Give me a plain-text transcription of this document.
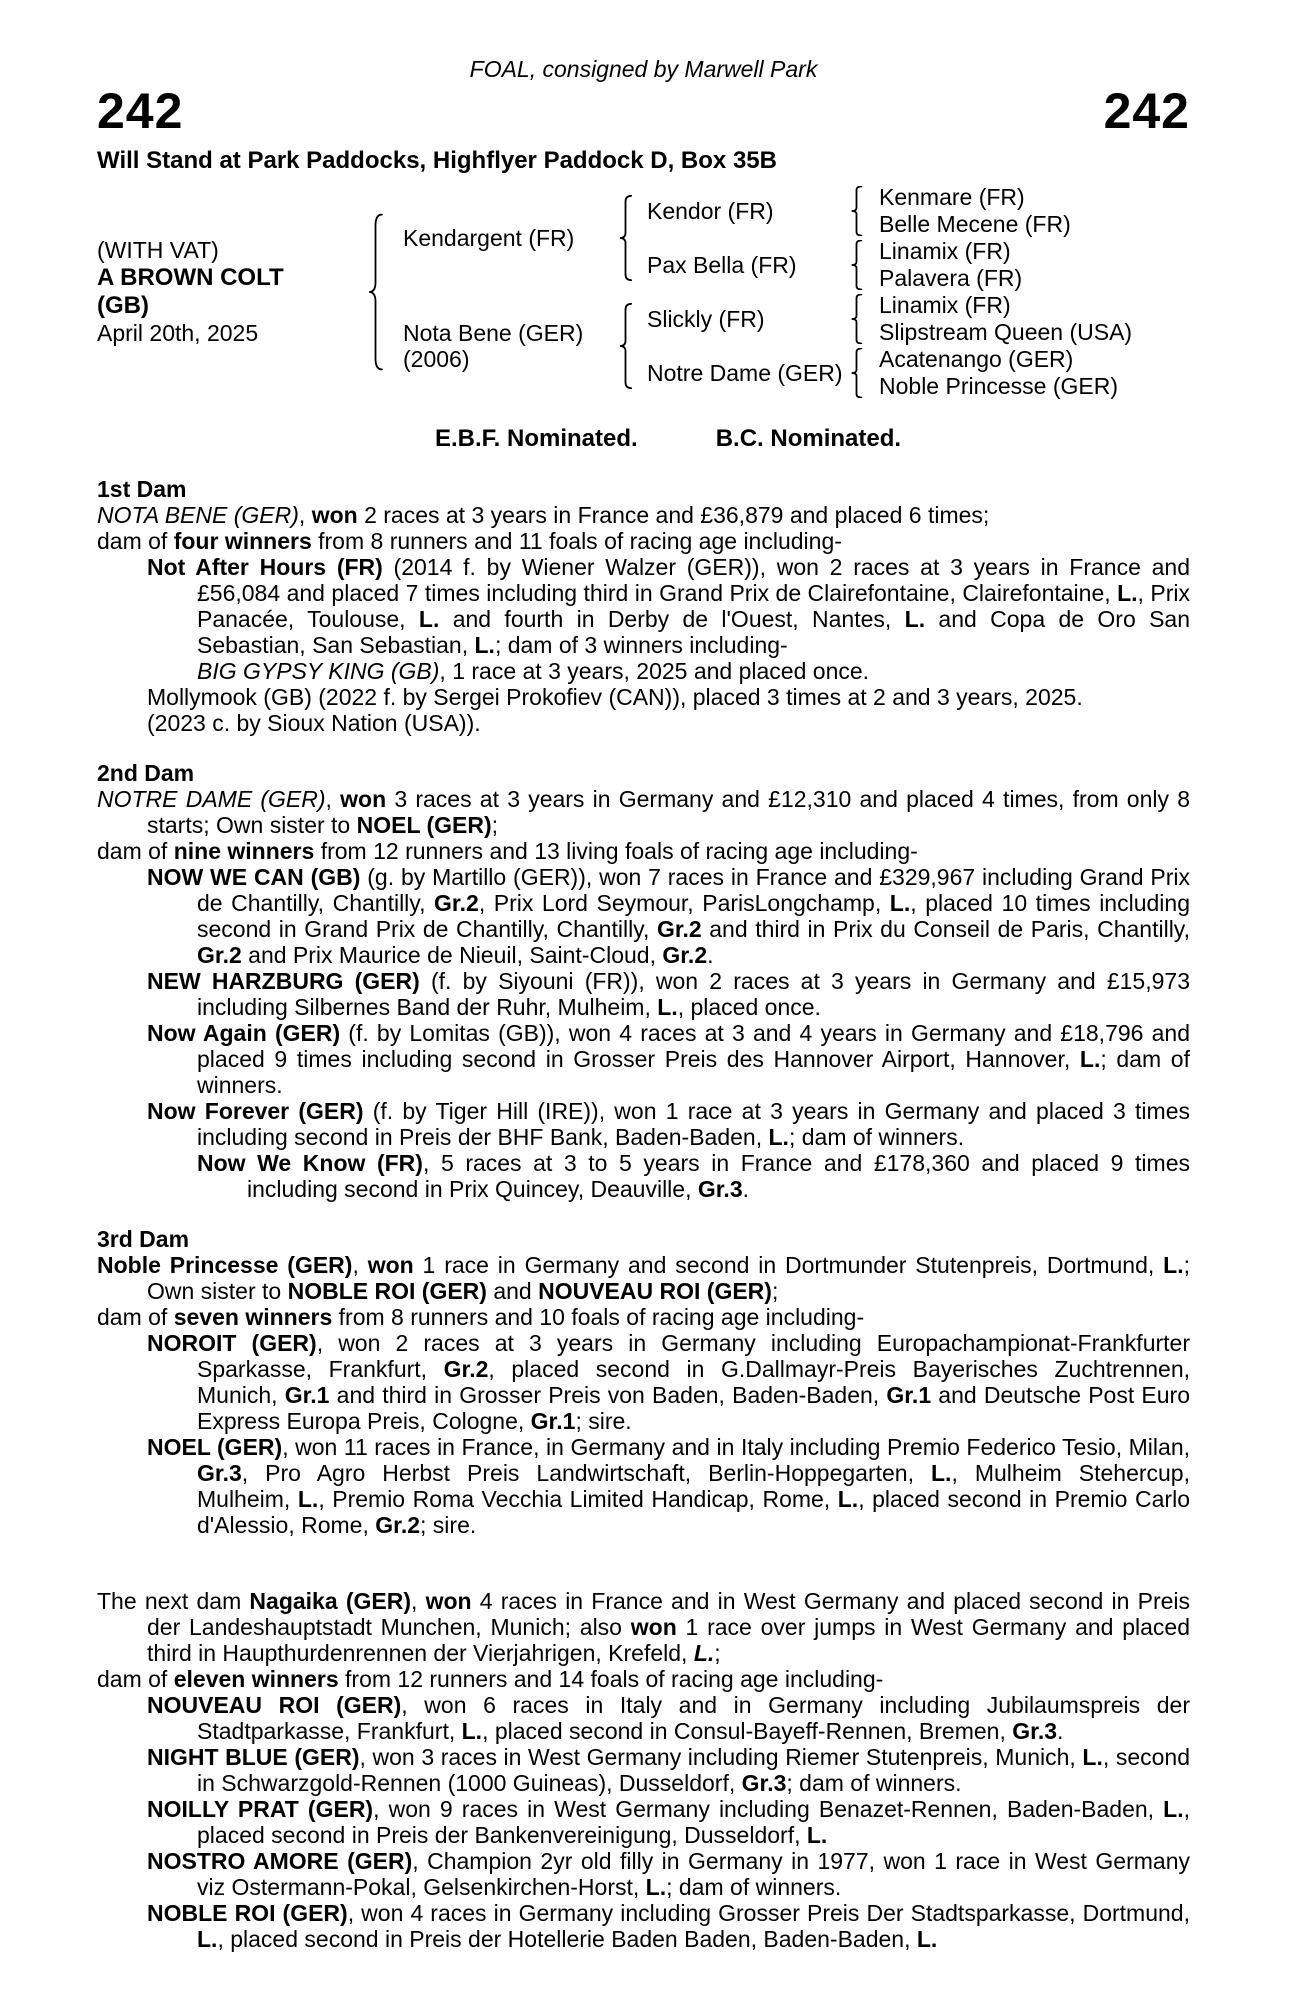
FOAL, consigned by Marwell Park
242	242
Will Stand at Park Paddocks, Highflyer Paddock D, Box 35B
(WITH VAT)
A BROWN COLT
(GB)
April 20th, 2025
Kendargent (FR)
Kendor (FR)
Kenmare (FR)
Belle Mecene (FR)
Pax Bella (FR)
Linamix (FR)
Palavera (FR)
Nota Bene (GER)
(2006)
Slickly (FR)
Linamix (FR)
Slipstream Queen (USA)
Notre Dame (GER)
Acatenango (GER)
Noble Princesse (GER)
E.B.F. Nominated.	B.C. Nominated.
1st Dam
NOTA BENE (GER), won 2 races at 3 years in France and £36,879 and placed 6 times;
dam of four winners from 8 runners and 11 foals of racing age including-
Not After Hours (FR) (2014 f. by Wiener Walzer (GER)), won 2 races at 3 years in France and £56,084 and placed 7 times including third in Grand Prix de Clairefontaine, Clairefontaine, L., Prix Panacée, Toulouse, L. and fourth in Derby de l'Ouest, Nantes, L. and Copa de Oro San Sebastian, San Sebastian, L.; dam of 3 winners including-
BIG GYPSY KING (GB), 1 race at 3 years, 2025 and placed once.
Mollymook (GB) (2022 f. by Sergei Prokofiev (CAN)), placed 3 times at 2 and 3 years, 2025.
(2023 c. by Sioux Nation (USA)).
2nd Dam
NOTRE DAME (GER), won 3 races at 3 years in Germany and £12,310 and placed 4 times, from only 8 starts; Own sister to NOEL (GER);
dam of nine winners from 12 runners and 13 living foals of racing age including-
NOW WE CAN (GB) (g. by Martillo (GER)), won 7 races in France and £329,967 including Grand Prix de Chantilly, Chantilly, Gr.2, Prix Lord Seymour, ParisLongchamp, L., placed 10 times including second in Grand Prix de Chantilly, Chantilly, Gr.2 and third in Prix du Conseil de Paris, Chantilly, Gr.2 and Prix Maurice de Nieuil, Saint-Cloud, Gr.2.
NEW HARZBURG (GER) (f. by Siyouni (FR)), won 2 races at 3 years in Germany and £15,973 including Silbernes Band der Ruhr, Mulheim, L., placed once.
Now Again (GER) (f. by Lomitas (GB)), won 4 races at 3 and 4 years in Germany and £18,796 and placed 9 times including second in Grosser Preis des Hannover Airport, Hannover, L.; dam of winners.
Now Forever (GER) (f. by Tiger Hill (IRE)), won 1 race at 3 years in Germany and placed 3 times including second in Preis der BHF Bank, Baden-Baden, L.; dam of winners.
Now We Know (FR), 5 races at 3 to 5 years in France and £178,360 and placed 9 times including second in Prix Quincey, Deauville, Gr.3.
3rd Dam
Noble Princesse (GER), won 1 race in Germany and second in Dortmunder Stutenpreis, Dortmund, L.; Own sister to NOBLE ROI (GER) and NOUVEAU ROI (GER);
dam of seven winners from 8 runners and 10 foals of racing age including-
NOROIT (GER), won 2 races at 3 years in Germany including Europachampionat-Frankfurter Sparkasse, Frankfurt, Gr.2, placed second in G.Dallmayr-Preis Bayerisches Zuchtrennen, Munich, Gr.1 and third in Grosser Preis von Baden, Baden-Baden, Gr.1 and Deutsche Post Euro Express Europa Preis, Cologne, Gr.1; sire.
NOEL (GER), won 11 races in France, in Germany and in Italy including Premio Federico Tesio, Milan, Gr.3, Pro Agro Herbst Preis Landwirtschaft, Berlin-Hoppegarten, L., Mulheim Stehercup, Mulheim, L., Premio Roma Vecchia Limited Handicap, Rome, L., placed second in Premio Carlo d'Alessio, Rome, Gr.2; sire.
The next dam Nagaika (GER), won 4 races in France and in West Germany and placed second in Preis der Landeshauptstadt Munchen, Munich; also won 1 race over jumps in West Germany and placed third in Haupthurdenrennen der Vierjahrigen, Krefeld, L.;
dam of eleven winners from 12 runners and 14 foals of racing age including-
NOUVEAU ROI (GER), won 6 races in Italy and in Germany including Jubilaumspreis der Stadtparkasse, Frankfurt, L., placed second in Consul-Bayeff-Rennen, Bremen, Gr.3.
NIGHT BLUE (GER), won 3 races in West Germany including Riemer Stutenpreis, Munich, L., second in Schwarzgold-Rennen (1000 Guineas), Dusseldorf, Gr.3; dam of winners.
NOILLY PRAT (GER), won 9 races in West Germany including Benazet-Rennen, Baden-Baden, L., placed second in Preis der Bankenvereinigung, Dusseldorf, L.
NOSTRO AMORE (GER), Champion 2yr old filly in Germany in 1977, won 1 race in West Germany viz Ostermann-Pokal, Gelsenkirchen-Horst, L.; dam of winners.
NOBLE ROI (GER), won 4 races in Germany including Grosser Preis Der Stadtsparkasse, Dortmund, L., placed second in Preis der Hotellerie Baden Baden, Baden-Baden, L.
